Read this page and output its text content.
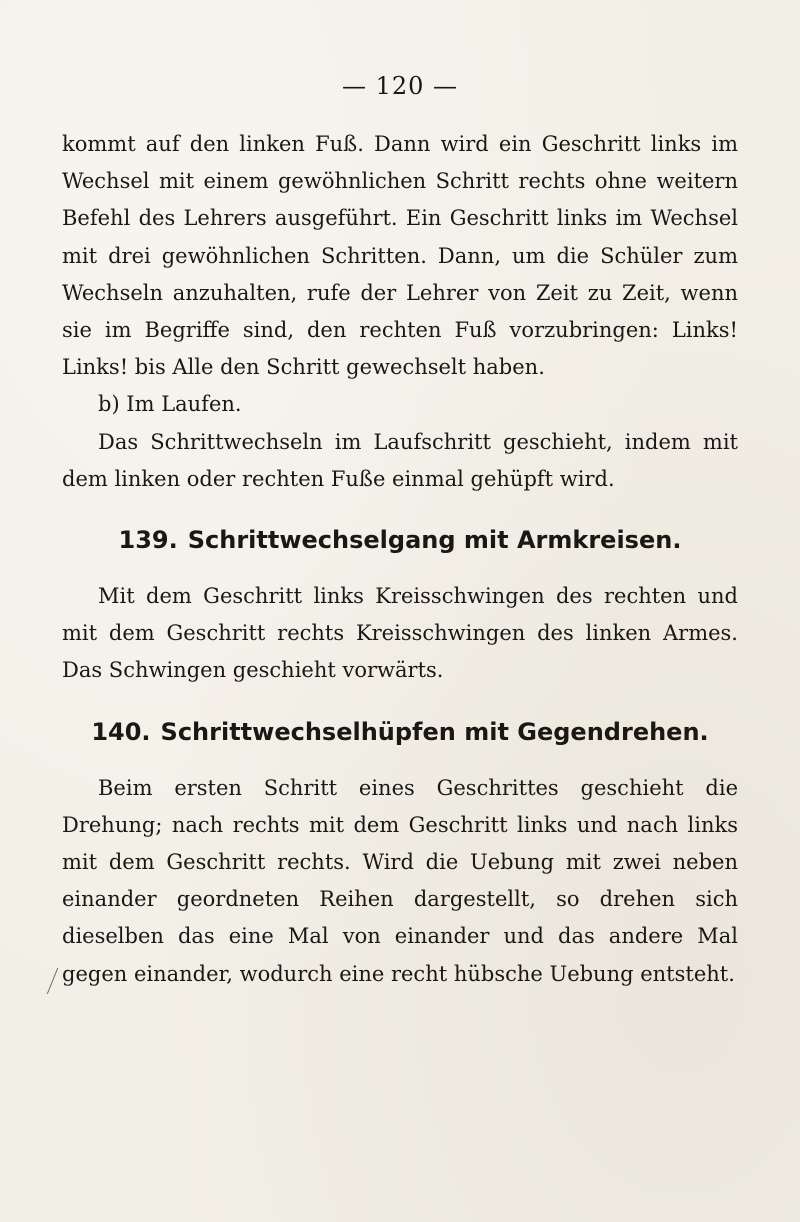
— 120 —

kommt auf den linken Fuß. Dann wird ein Geschritt links im Wechsel mit einem gewöhnlichen Schritt rechts ohne weitern Befehl des Lehrers ausgeführt. Ein Geschritt links im Wechsel mit drei gewöhnlichen Schritten. Dann, um die Schüler zum Wechseln anzuhalten, rufe der Lehrer von Zeit zu Zeit, wenn sie im Begriffe sind, den rechten Fuß vorzubringen: Links! Links! bis Alle den Schritt gewechselt haben.

b) Im Laufen.

Das Schrittwechseln im Laufschritt geschieht, indem mit dem linken oder rechten Fuße einmal gehüpft wird.

139. Schrittwechselgang mit Armkreisen.

Mit dem Geschritt links Kreisschwingen des rechten und mit dem Geschritt rechts Kreisschwingen des linken Armes. Das Schwingen geschieht vorwärts.

140. Schrittwechselhüpfen mit Gegendrehen.

Beim ersten Schritt eines Geschrittes geschieht die Drehung; nach rechts mit dem Geschritt links und nach links mit dem Geschritt rechts. Wird die Uebung mit zwei neben einander geordneten Reihen dargestellt, so drehen sich dieselben das eine Mal von einander und das andere Mal gegen einander, wodurch eine recht hübsche Uebung entsteht.
